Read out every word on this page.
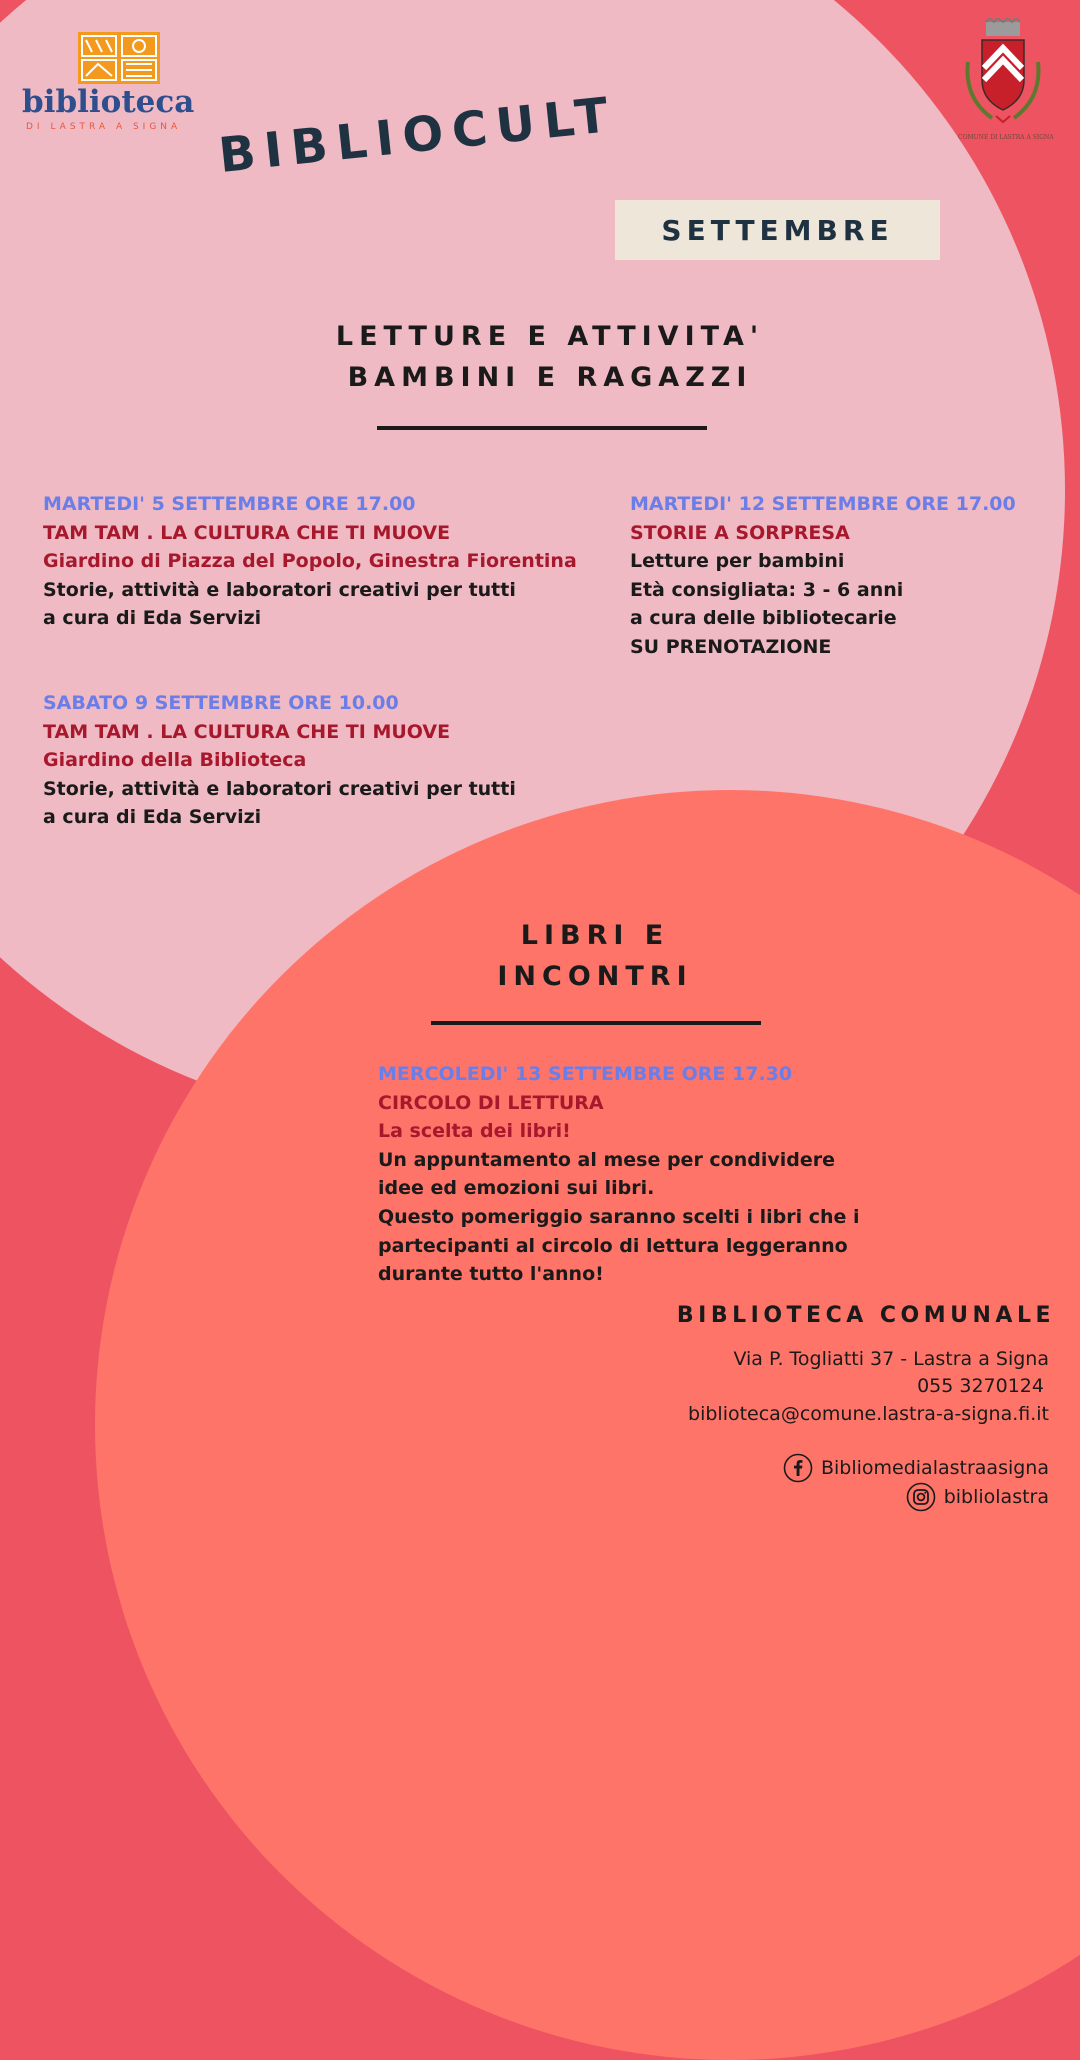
biblioteca
DI LASTRA A SIGNA
COMUNE DI LASTRA A SIGNA
BIBLIOCULT
SETTEMBRE
LETTURE E ATTIVITA'
BAMBINI E RAGAZZI
MARTEDI' 5 SETTEMBRE ORE 17.00
TAM TAM . LA CULTURA CHE TI MUOVE
Giardino di Piazza del Popolo, Ginestra Fiorentina
Storie, attività e laboratori creativi per tutti
a cura di Eda Servizi
MARTEDI' 12 SETTEMBRE ORE 17.00
STORIE A SORPRESA
Letture per bambini
Età consigliata: 3 - 6 anni
a cura delle bibliotecarie
SU PRENOTAZIONE
SABATO 9 SETTEMBRE ORE 10.00
TAM TAM . LA CULTURA CHE TI MUOVE
Giardino della Biblioteca
Storie, attività e laboratori creativi per tutti
a cura di Eda Servizi
LIBRI E
INCONTRI
MERCOLEDI' 13 SETTEMBRE ORE 17.30
CIRCOLO DI LETTURA
La scelta dei libri!
Un appuntamento al mese per condividere
idee ed emozioni sui libri.
Questo pomeriggio saranno scelti i libri che i
partecipanti al circolo di lettura leggeranno
durante tutto l'anno!
BIBLIOTECA COMUNALE
Via P. Togliatti 37 - Lastra a Signa
055 3270124
biblioteca@comune.lastra-a-signa.fi.it
Bibliomedialastraasigna
bibliolastra
